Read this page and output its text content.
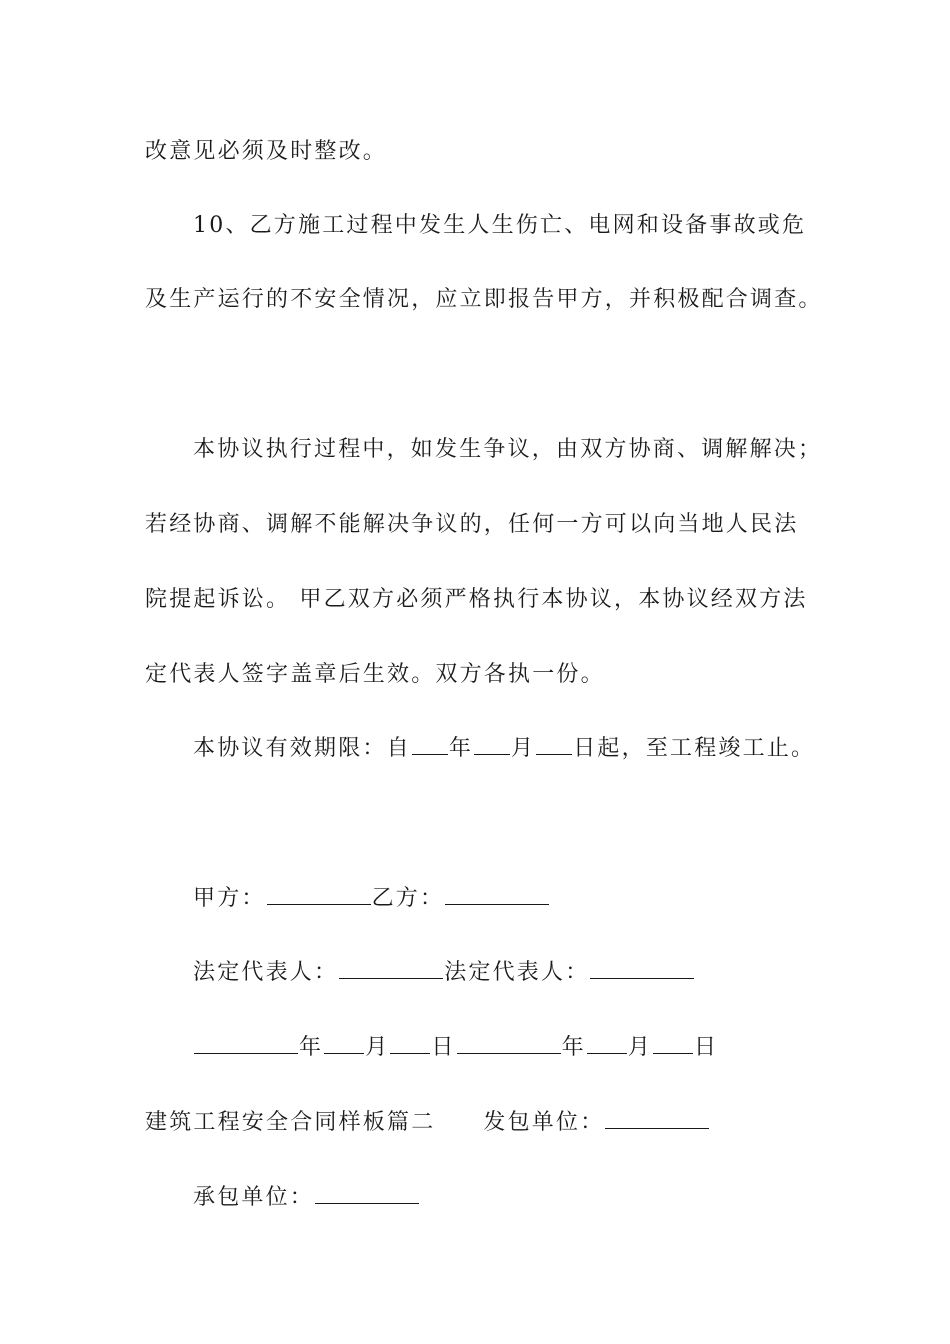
改意见必须及时整改。
10、乙方施工过程中发生人生伤亡、电网和设备事故或危
及生产运行的不安全情况，应立即报告甲方，并积极配合调查。
本协议执行过程中，如发生争议，由双方协商、调解解决；
若经协商、调解不能解决争议的，任何一方可以向当地人民法
院提起诉讼。 甲乙双方必须严格执行本协议，本协议经双方法
定代表人签字盖章后生效。双方各执一份。
本协议有效期限：自 年 月 日起，至工程竣工止。
甲方：	乙方：
法定代表人：	法定代表人：
年 月 日	年 月 日
建筑工程安全合同样板篇二 发包单位：
承包单位：
